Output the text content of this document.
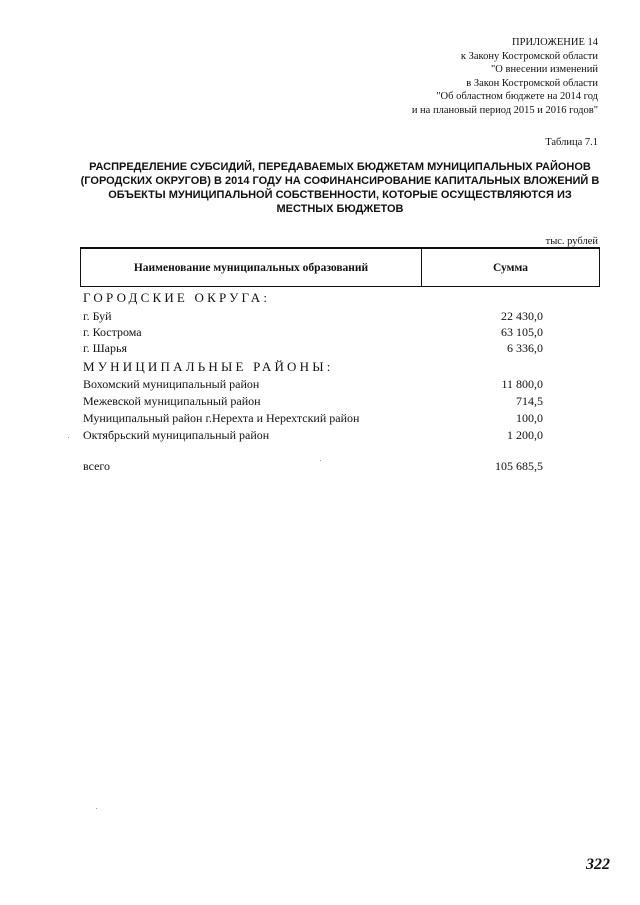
ПРИЛОЖЕНИЕ 14
к Закону Костромской области
"О внесении изменений
в Закон Костромской области
"Об областном бюджете на 2014 год
и на плановый период 2015 и 2016 годов"
Таблица 7.1
РАСПРЕДЕЛЕНИЕ СУБСИДИЙ, ПЕРЕДАВАЕМЫХ БЮДЖЕТАМ МУНИЦИПАЛЬНЫХ РАЙОНОВ (ГОРОДСКИХ ОКРУГОВ) В 2014 ГОДУ НА СОФИНАНСИРОВАНИЕ КАПИТАЛЬНЫХ ВЛОЖЕНИЙ В ОБЪЕКТЫ МУНИЦИПАЛЬНОЙ СОБСТВЕННОСТИ, КОТОРЫЕ ОСУЩЕСТВЛЯЮТСЯ ИЗ МЕСТНЫХ БЮДЖЕТОВ
тыс. рублей
Наименование муниципальных образований	Сумма
ГОРОДСКИЕ ОКРУГА:
г. Буй	22 430,0
г. Кострома	63 105,0
г. Шарья	6 336,0
МУНИЦИПАЛЬНЫЕ РАЙОНЫ:
Вохомский муниципальный район	11 800,0
Межевской муниципальный район	714,5
Муниципальный район г.Нерехта и Нерехтский район	100,0
Октябрьский муниципальный район	1 200,0
всего	105 685,5
322
